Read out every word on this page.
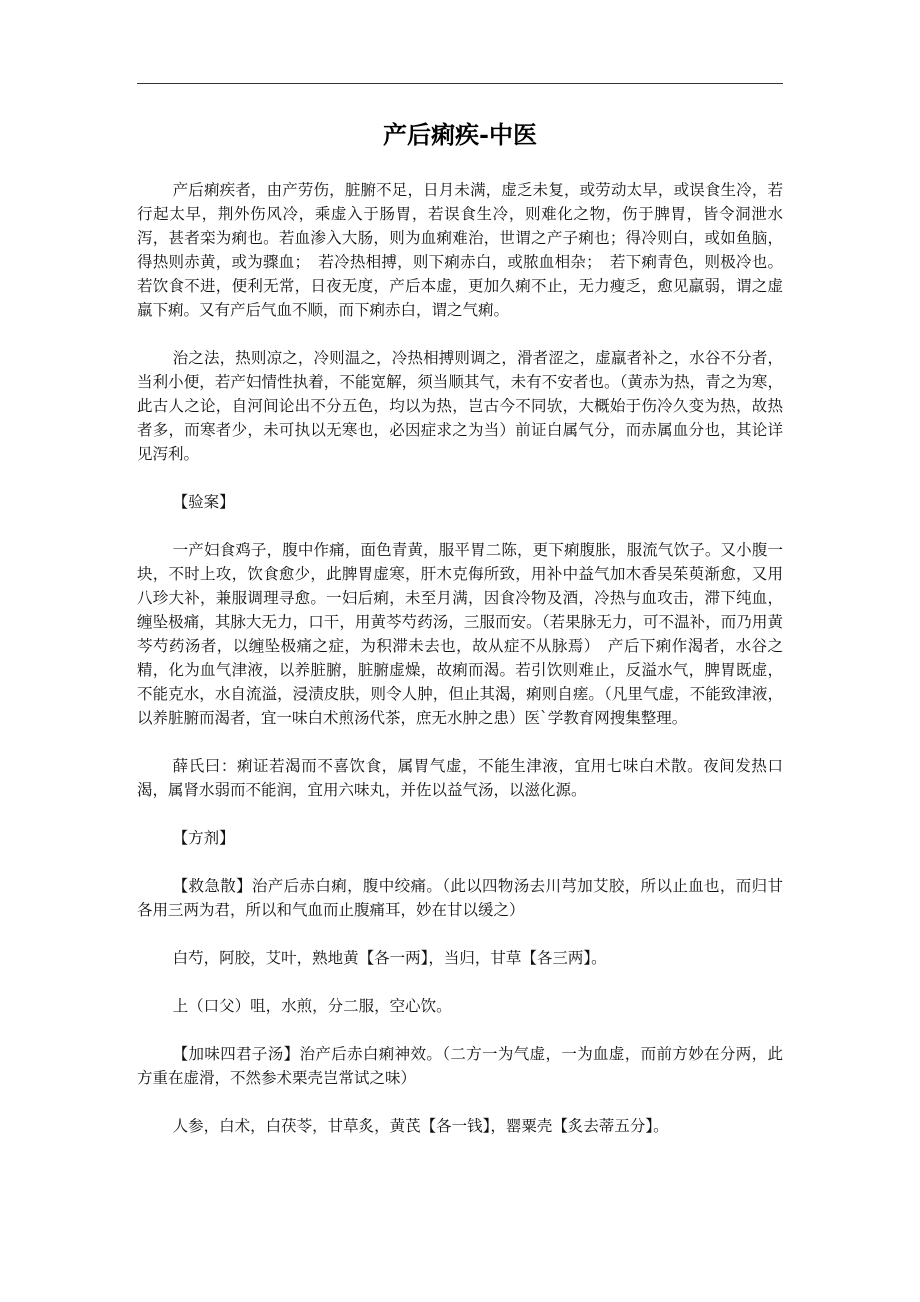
产后痢疾-中医

产后痢疾者，由产劳伤，脏腑不足，日月未满，虚乏未复，或劳动太早，或误食生冷，若行起太早，荆外伤风冷，乘虚入于肠胃，若误食生冷，则难化之物，伤于脾胃，皆令洞泄水泻，甚者栾为痢也。若血渗入大肠，则为血痢难治，世谓之产子痢也；得冷则白，或如鱼脑，得热则赤黄，或为骤血；　若冷热相搏，则下痢赤白，或脓血相杂；　若下痢青色，则极冷也。若饮食不进，便利无常，日夜无度，产后本虚，更加久痢不止，无力瘦乏，愈见羸弱，谓之虚羸下痢。又有产后气血不顺，而下痢赤白，谓之气痢。

治之法，热则凉之，冷则温之，冷热相搏则调之，滑者涩之，虚羸者补之，水谷不分者，当利小便，若产妇情性执着，不能宽解，须当顺其气，未有不安者也。（黄赤为热，青之为寒，此古人之论，自河间论出不分五色，均以为热，岂古今不同欤，大概始于伤冷久变为热，故热者多，而寒者少，未可执以无寒也，必因症求之为当）前证白属气分，而赤属血分也，其论详见泻利。

【验案】

一产妇食鸡子，腹中作痛，面色青黄，服平胃二陈，更下痢腹胀，服流气饮子。又小腹一块，不时上攻，饮食愈少，此脾胃虚寒，肝木克侮所致，用补中益气加木香吴茱萸渐愈，又用八珍大补，兼服调理寻愈。一妇后痢，未至月满，因食冷物及酒，冷热与血攻击，滞下纯血，缠坠极痛，其脉大无力，口干，用黄芩芍药汤，三服而安。（若果脉无力，可不温补，而乃用黄芩芍药汤者，以缠坠极痛之症，为积滞未去也，故从症不从脉焉）　产后下痢作渴者，水谷之精，化为血气津液，以养脏腑，脏腑虚燥，故痢而渴。若引饮则难止，反溢水气，脾胃既虚，不能克水，水自流溢，浸渍皮肤，则令人肿，但止其渴，痢则自瘥。（凡里气虚，不能致津液，以养脏腑而渴者，宜一味白术煎汤代茶，庶无水肿之患）医`学教育网搜集整理。

薛氏曰：痢证若渴而不喜饮食，属胃气虚，不能生津液，宜用七味白术散。夜间发热口渴，属肾水弱而不能润，宜用六味丸，并佐以益气汤，以滋化源。

【方剂】

【救急散】治产后赤白痢，腹中绞痛。（此以四物汤去川芎加艾胶，所以止血也，而归甘各用三两为君，所以和气血而止腹痛耳，妙在甘以缓之）

白芍，阿胶，艾叶，熟地黄【各一两】，当归，甘草【各三两】。

上（口父）咀，水煎，分二服，空心饮。

【加味四君子汤】治产后赤白痢神效。（二方一为气虚，一为血虚，而前方妙在分两，此方重在虚滑，不然参术栗壳岂常试之味）

人参，白术，白茯苓，甘草炙，黄芪【各一钱】，罂粟壳【炙去蒂五分】。
